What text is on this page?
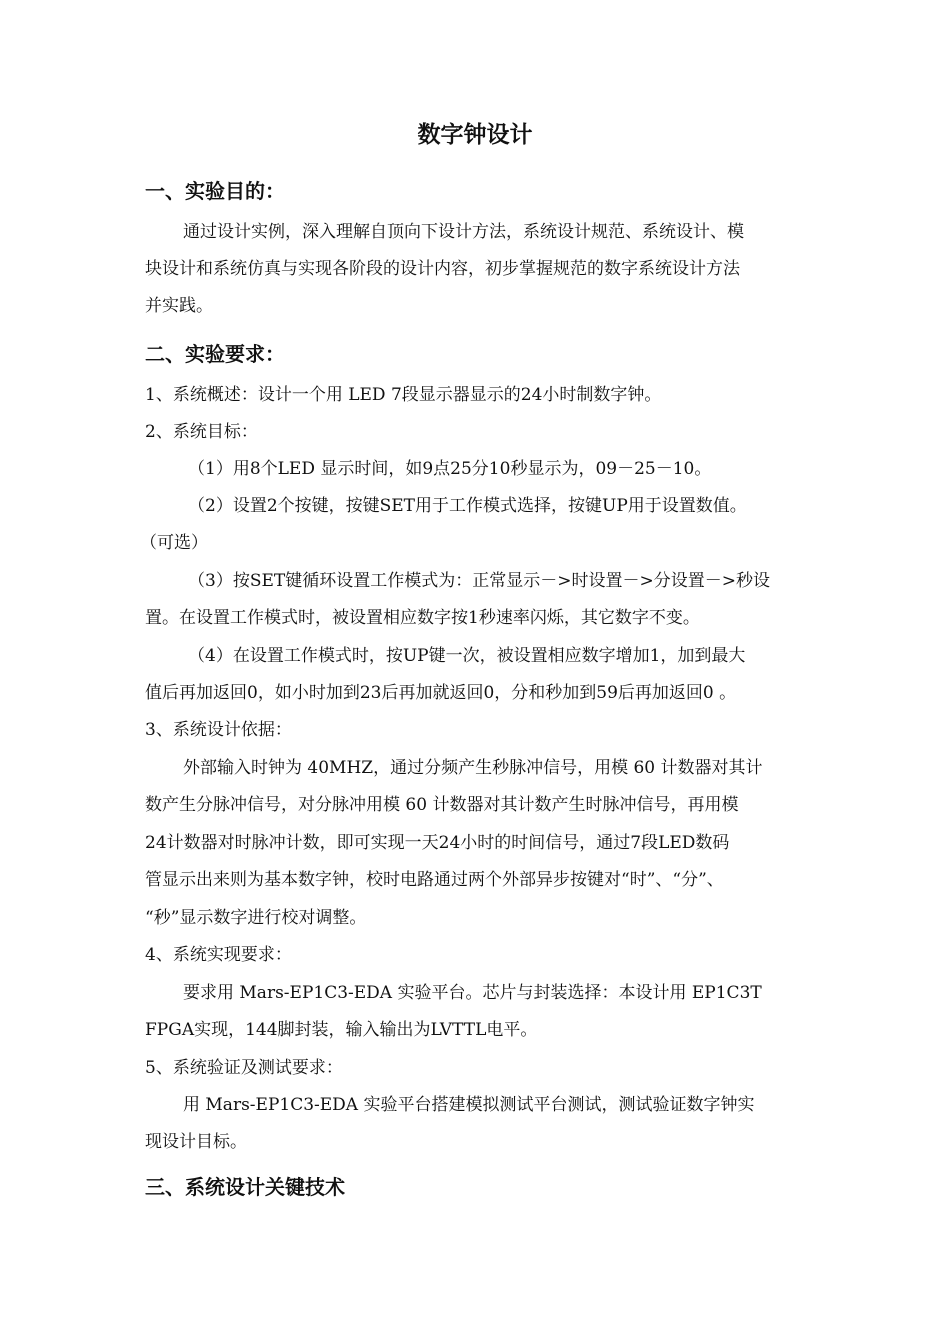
数字钟设计
一、实验目的：
通过设计实例，深入理解自顶向下设计方法，系统设计规范、系统设计、模
块设计和系统仿真与实现各阶段的设计内容，初步掌握规范的数字系统设计方法
并实践。
二、实验要求：
1、系统概述：设计一个用 LED 7段显示器显示的24小时制数字钟。
2、系统目标：
（1）用8个LED 显示时间，如9点25分10秒显示为，09－25－10。
（2）设置2个按键，按键SET用于工作模式选择，按键UP用于设置数值。
（可选）
（3）按SET键循环设置工作模式为：正常显示－>时设置－>分设置－>秒设
置。在设置工作模式时，被设置相应数字按1秒速率闪烁，其它数字不变。
（4）在设置工作模式时，按UP键一次，被设置相应数字增加1，加到最大
值后再加返回0，如小时加到23后再加就返回0，分和秒加到59后再加返回0 。
3、系统设计依据：
外部输入时钟为 40MHZ，通过分频产生秒脉冲信号，用模 60 计数器对其计
数产生分脉冲信号，对分脉冲用模 60 计数器对其计数产生时脉冲信号，再用模
24计数器对时脉冲计数，即可实现一天24小时的时间信号，通过7段LED数码
管显示出来则为基本数字钟，校时电路通过两个外部异步按键对“时”、“分”、
“秒”显示数字进行校对调整。
4、系统实现要求：
要求用 Mars-EP1C3-EDA 实验平台。芯片与封装选择：本设计用 EP1C3T
FPGA实现，144脚封装，输入输出为LVTTL电平。
5、系统验证及测试要求：
用 Mars-EP1C3-EDA 实验平台搭建模拟测试平台测试，测试验证数字钟实
现设计目标。
三、系统设计关键技术
